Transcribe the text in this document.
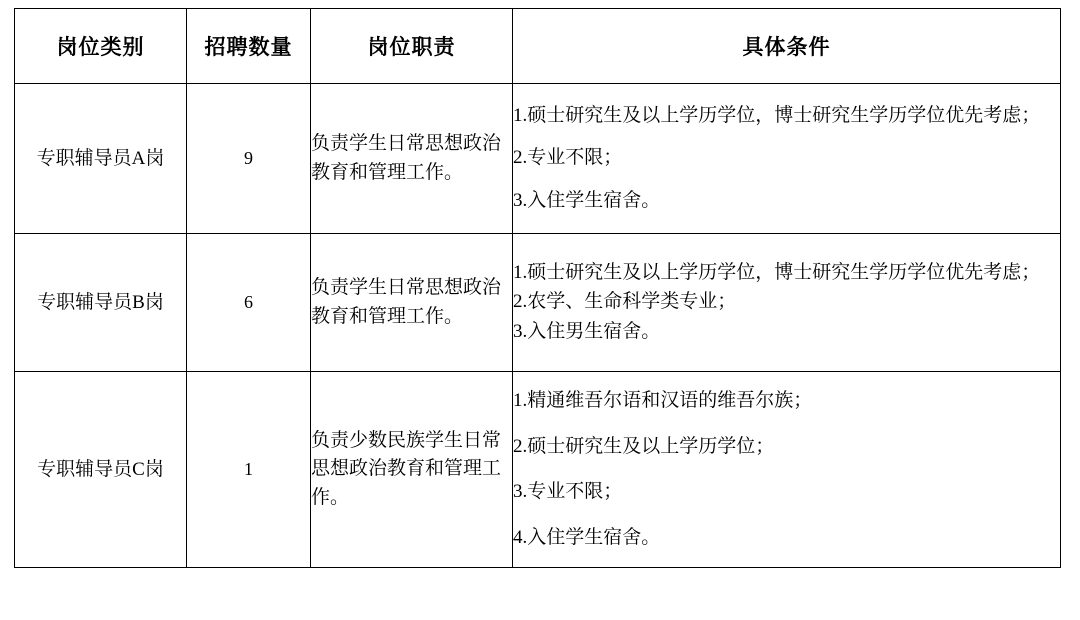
岗位类别	招聘数量	岗位职责	具体条件
专职辅导员A岗	9	负责学生日常思想政治教育和管理工作。	1.硕士研究生及以上学历学位，博士研究生学历学位优先考虑；
2.专业不限；
3.入住学生宿舍。

专职辅导员B岗	6	负责学生日常思想政治教育和管理工作。	1.硕士研究生及以上学历学位，博士研究生学历学位优先考虑；
2.农学、生命科学类专业；
3.入住男生宿舍。

专职辅导员C岗	1	负责少数民族学生日常思想政治教育和管理工作。	1.精通维吾尔语和汉语的维吾尔族；
2.硕士研究生及以上学历学位；
3.专业不限；
4.入住学生宿舍。
